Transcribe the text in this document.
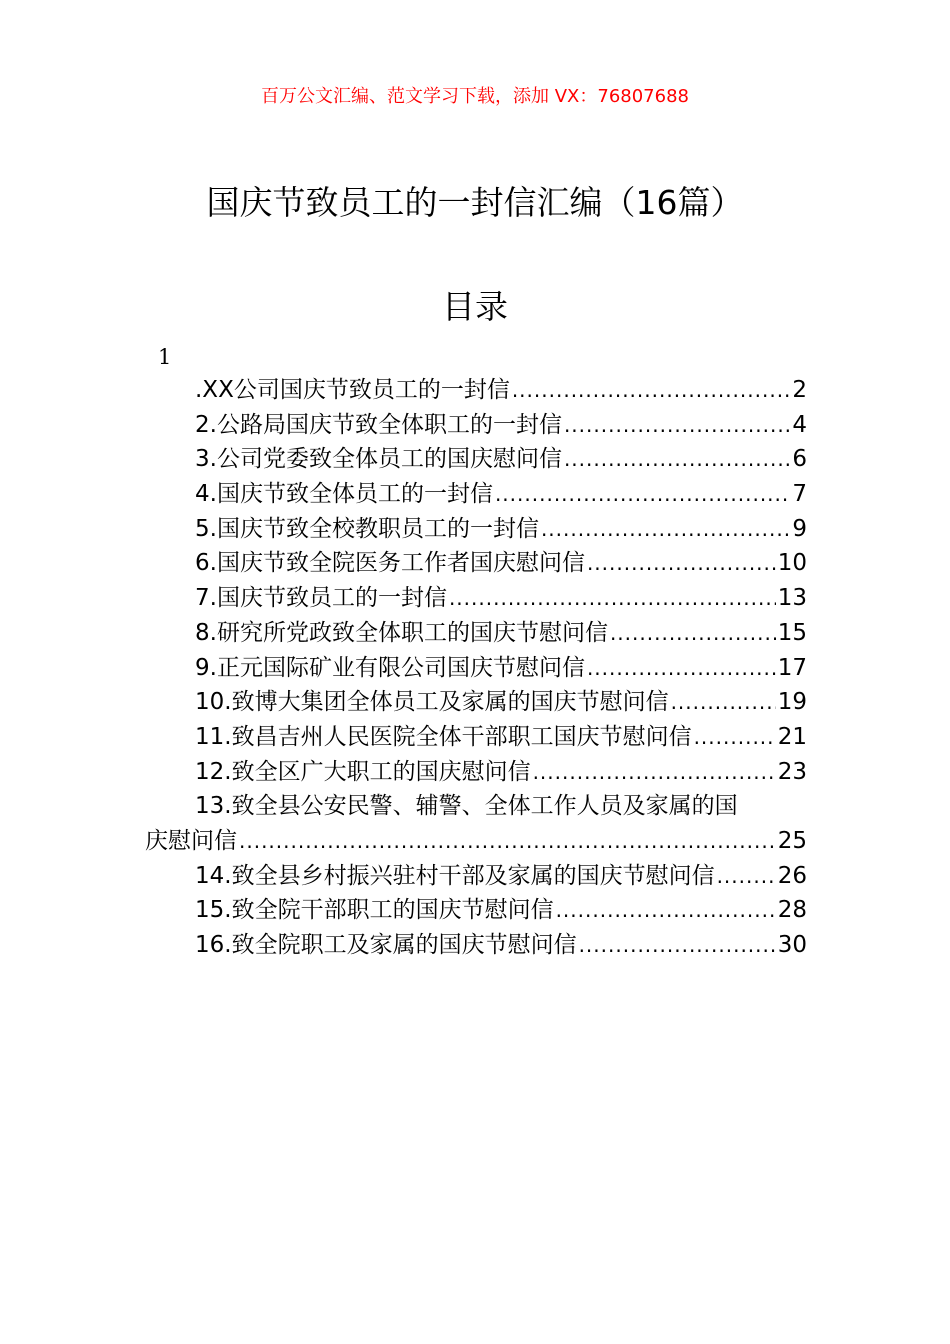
百万公文汇编、范文学习下载，添加 VX：76807688
国庆节致员工的一封信汇编（16篇）
目录
1
.XX公司国庆节致员工的一封信 .....	2
2.公路局国庆节致全体职工的一封信 .....	4
3.公司党委致全体员工的国庆慰问信 .....	6
4.国庆节致全体员工的一封信 .....	7
5.国庆节致全校教职员工的一封信 .....	9
6.国庆节致全院医务工作者国庆慰问信 .....	10
7.国庆节致员工的一封信 .....	13
8.研究所党政致全体职工的国庆节慰问信 .....	15
9.正元国际矿业有限公司国庆节慰问信 .....	17
10.致博大集团全体员工及家属的国庆节慰问信 .....	19
11.致昌吉州人民医院全体干部职工国庆节慰问信 .....	21
12.致全区广大职工的国庆慰问信 .....	23
13.致全县公安民警、辅警、全体工作人员及家属的国
庆慰问信 .....	25
14.致全县乡村振兴驻村干部及家属的国庆节慰问信 .....	26
15.致全院干部职工的国庆节慰问信 .....	28
16.致全院职工及家属的国庆节慰问信 .....	30
